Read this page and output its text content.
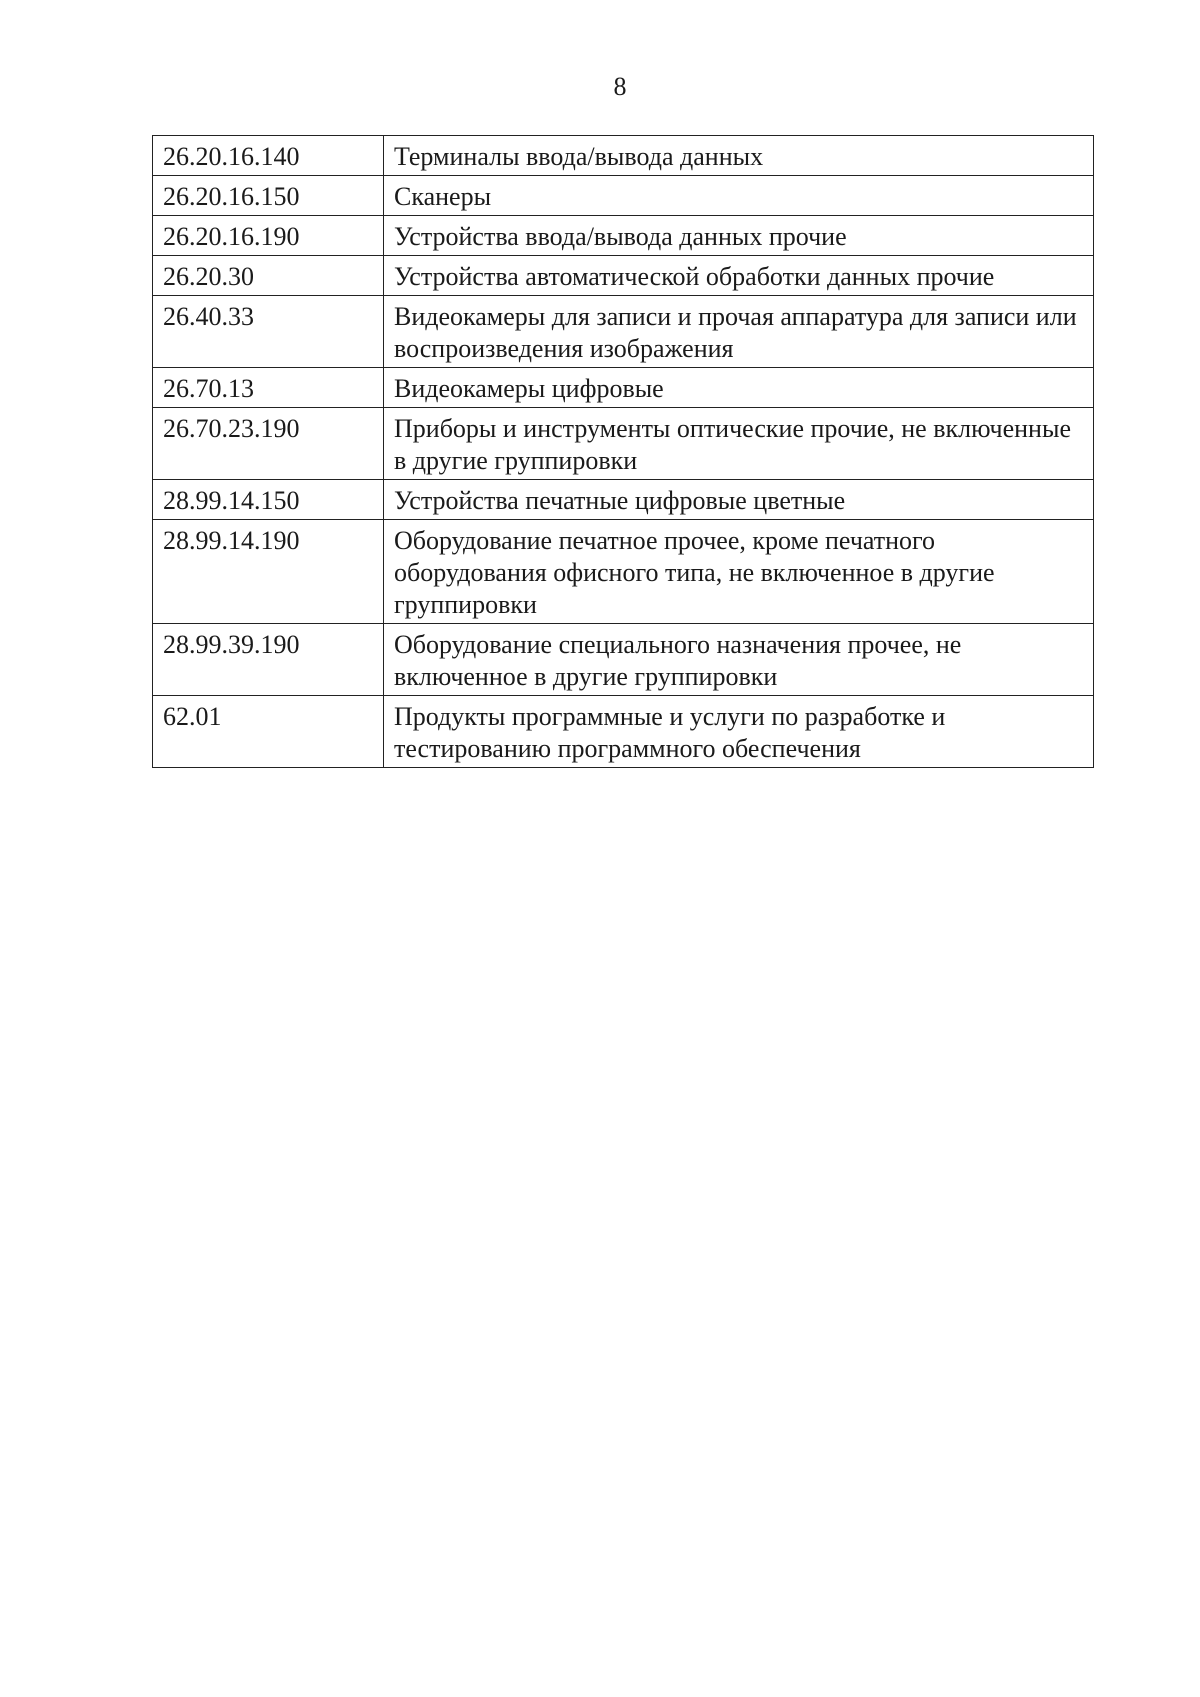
8
26.20.16.140	Терминалы ввода/вывода данных
26.20.16.150	Сканеры
26.20.16.190	Устройства ввода/вывода данных прочие
26.20.30	Устройства автоматической обработки данных прочие
26.40.33	Видеокамеры для записи и прочая аппаратура для записи или воспроизведения изображения
26.70.13	Видеокамеры цифровые
26.70.23.190	Приборы и инструменты оптические прочие, не включенные в другие группировки
28.99.14.150	Устройства печатные цифровые цветные
28.99.14.190	Оборудование печатное прочее, кроме печатного оборудования офисного типа, не включенное в другие группировки
28.99.39.190	Оборудование специального назначения прочее, не включенное в другие группировки
62.01	Продукты программные и услуги по разработке и тестированию программного обеспечения
